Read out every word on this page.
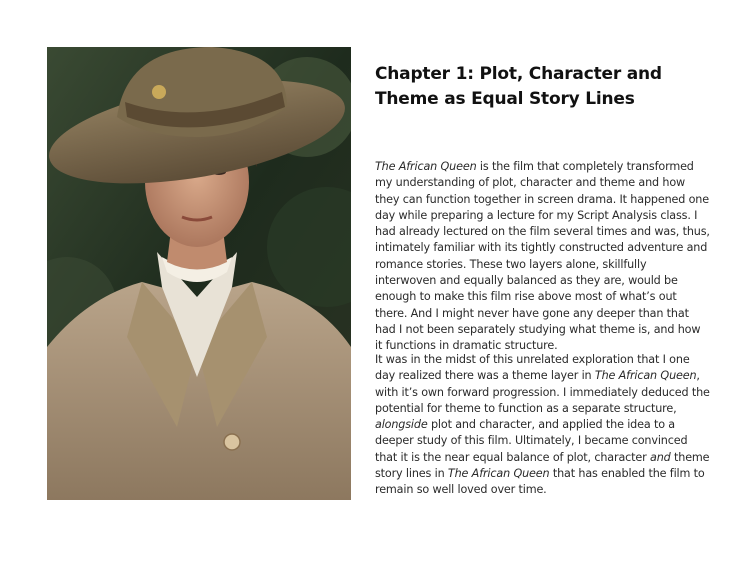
Chapter 1: Plot, Character and Theme as Equal Story Lines

The African Queen is the film that completely transformed my understanding of plot, character and theme and how they can function together in screen drama. It happened one day while preparing a lecture for my Script Analysis class. I had already lectured on the film several times and was, thus, intimately familiar with its tightly constructed adventure and romance stories. These two layers alone, skillfully interwoven and equally balanced as they are, would be enough to make this film rise above most of what’s out there. And I might never have gone any deeper than that had I not been separately studying what theme is, and how it functions in dramatic structure.

It was in the midst of this unrelated exploration that I one day realized there was a theme layer in The African Queen, with it’s own forward progression. I immediately deduced the potential for theme to function as a separate structure, alongside plot and character, and applied the idea to a deeper study of this film. Ultimately, I became convinced that it is the near equal balance of plot, character and theme story lines in The African Queen that has enabled the film to remain so well loved over time.
